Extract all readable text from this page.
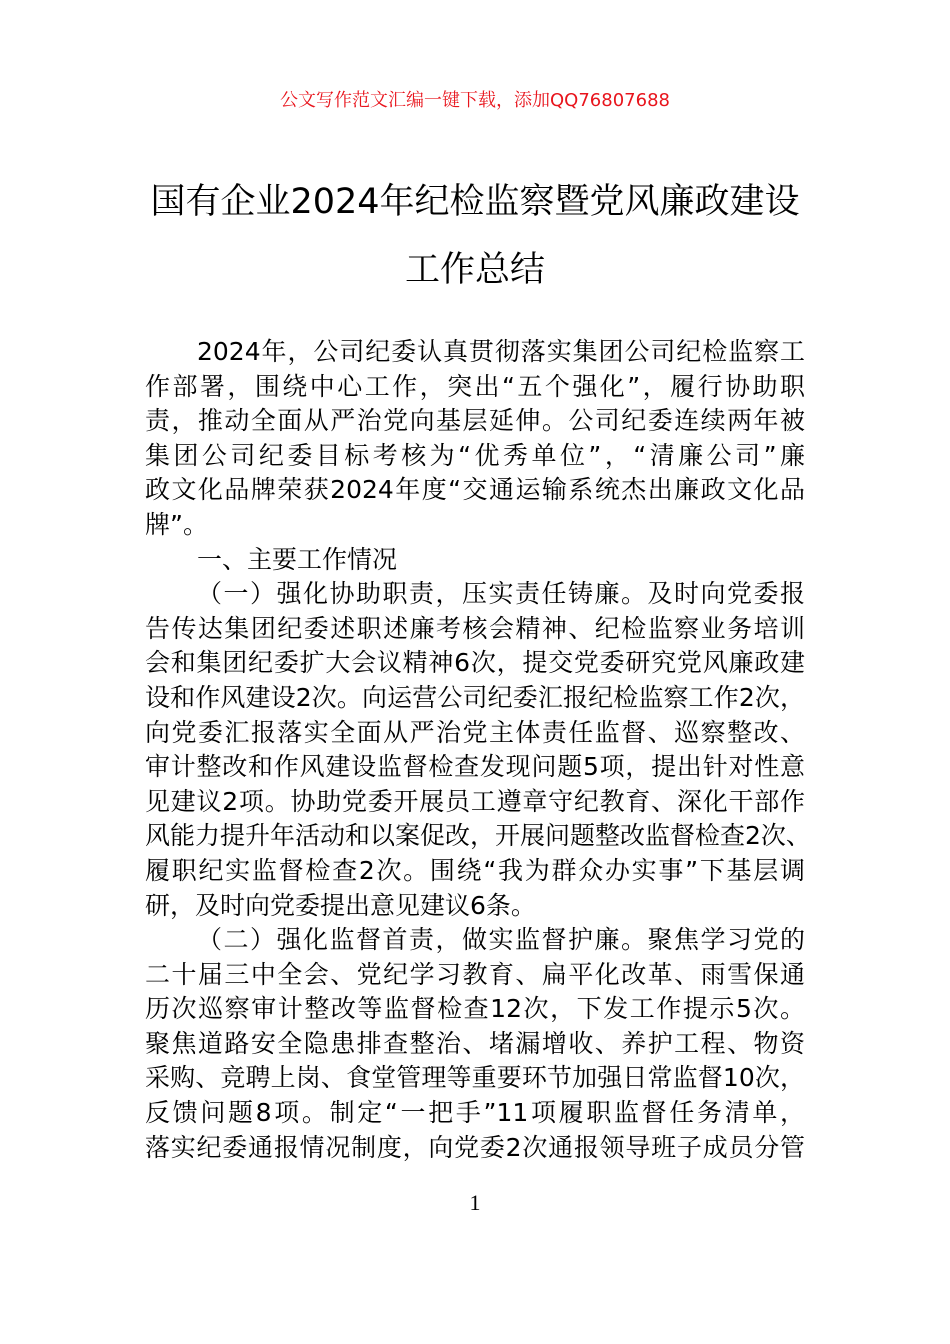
公文写作范文汇编一键下载，添加QQ76807688
国有企业2024年纪检监察暨党风廉政建设
工作总结
2024年，公司纪委认真贯彻落实集团公司纪检监察工
作部署，围绕中心工作，突出“五个强化”，履行协助职
责，推动全面从严治党向基层延伸。公司纪委连续两年被
集团公司纪委目标考核为“优秀单位”，“清廉公司”廉
政文化品牌荣获2024年度“交通运输系统杰出廉政文化品
牌”。
一、主要工作情况
（一）强化协助职责，压实责任铸廉。及时向党委报
告传达集团纪委述职述廉考核会精神、纪检监察业务培训
会和集团纪委扩大会议精神6次，提交党委研究党风廉政建
设和作风建设2次。向运营公司纪委汇报纪检监察工作2次，
向党委汇报落实全面从严治党主体责任监督、巡察整改、
审计整改和作风建设监督检查发现问题5项，提出针对性意
见建议2项。协助党委开展员工遵章守纪教育、深化干部作
风能力提升年活动和以案促改，开展问题整改监督检查2次、
履职纪实监督检查2次。围绕“我为群众办实事”下基层调
研，及时向党委提出意见建议6条。
（二）强化监督首责，做实监督护廉。聚焦学习党的
二十届三中全会、党纪学习教育、扁平化改革、雨雪保通
历次巡察审计整改等监督检查12次，下发工作提示5次。
聚焦道路安全隐患排查整治、堵漏增收、养护工程、物资
采购、竞聘上岗、食堂管理等重要环节加强日常监督10次，
反馈问题8项。制定“一把手”11项履职监督任务清单，
落实纪委通报情况制度，向党委2次通报领导班子成员分管
1
